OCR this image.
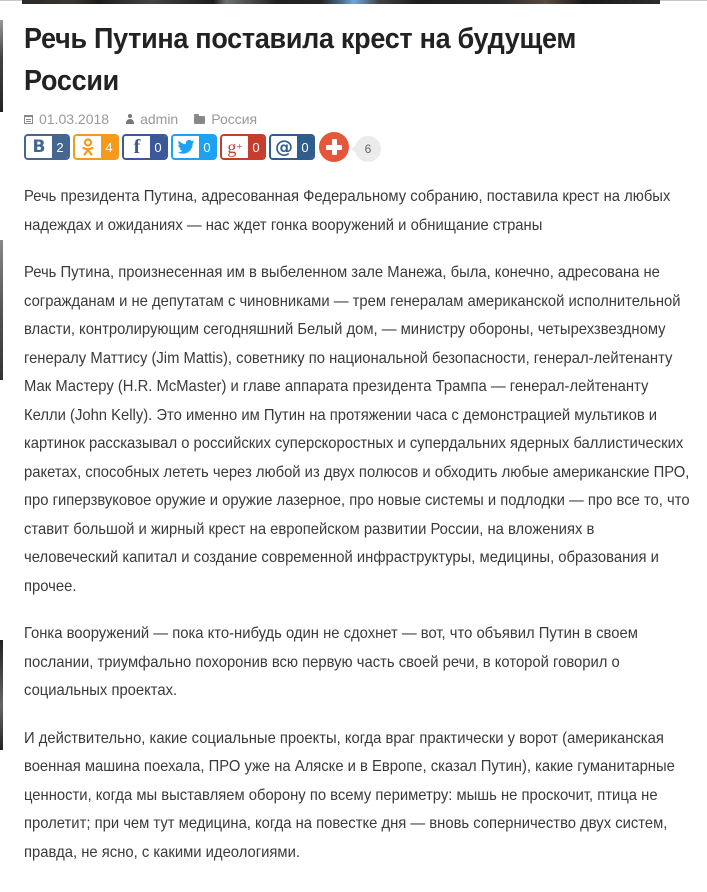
Речь Путина поставила крест на будущем России
01.03.2018 admin Россия
B 2	4	f	0	0 g + 0 @ 0	6

Речь президента Путина, адресованная Федеральному собранию, поставила крест на любых надеждах и ожиданиях — нас ждет гонка вооружений и обнищание страны

Речь Путина, произнесенная им в выбеленном зале Манежа, была, конечно, адресована не согражданам и не депутатам с чиновниками — трем генералам американской исполнительной власти, контролирующим сегодняшний Белый дом, — министру обороны, четырехзвездному генералу Маттису (Jim Mattis), советнику по национальной безопасности, генерал-лейтенанту Мак Мастеру (H.R. McMaster) и главе аппарата президента Трампа — генерал-лейтенанту Келли (John Kelly). Это именно им Путин на протяжении часа с демонстрацией мультиков и картинок рассказывал о российских суперскоростных и супердальних ядерных баллистических ракетах, способных лететь через любой из двух полюсов и обходить любые американские ПРО, про гиперзвуковое оружие и оружие лазерное, про новые системы и подлодки — про все то, что ставит большой и жирный крест на европейском развитии России, на вложениях в человеческий капитал и создание современной инфраструктуры, медицины, образования и прочее.

Гонка вооружений — пока кто-нибудь один не сдохнет — вот, что объявил Путин в своем послании, триумфально похоронив всю первую часть своей речи, в которой говорил о социальных проектах.

И действительно, какие социальные проекты, когда враг практически у ворот (американская военная машина поехала, ПРО уже на Аляске и в Европе, сказал Путин), какие гуманитарные ценности, когда мы выставляем оборону по всему периметру: мышь не проскочит, птица не пролетит; при чем тут медицина, когда на повестке дня — вновь соперничество двух систем, правда, не ясно, с какими идеологиями.
